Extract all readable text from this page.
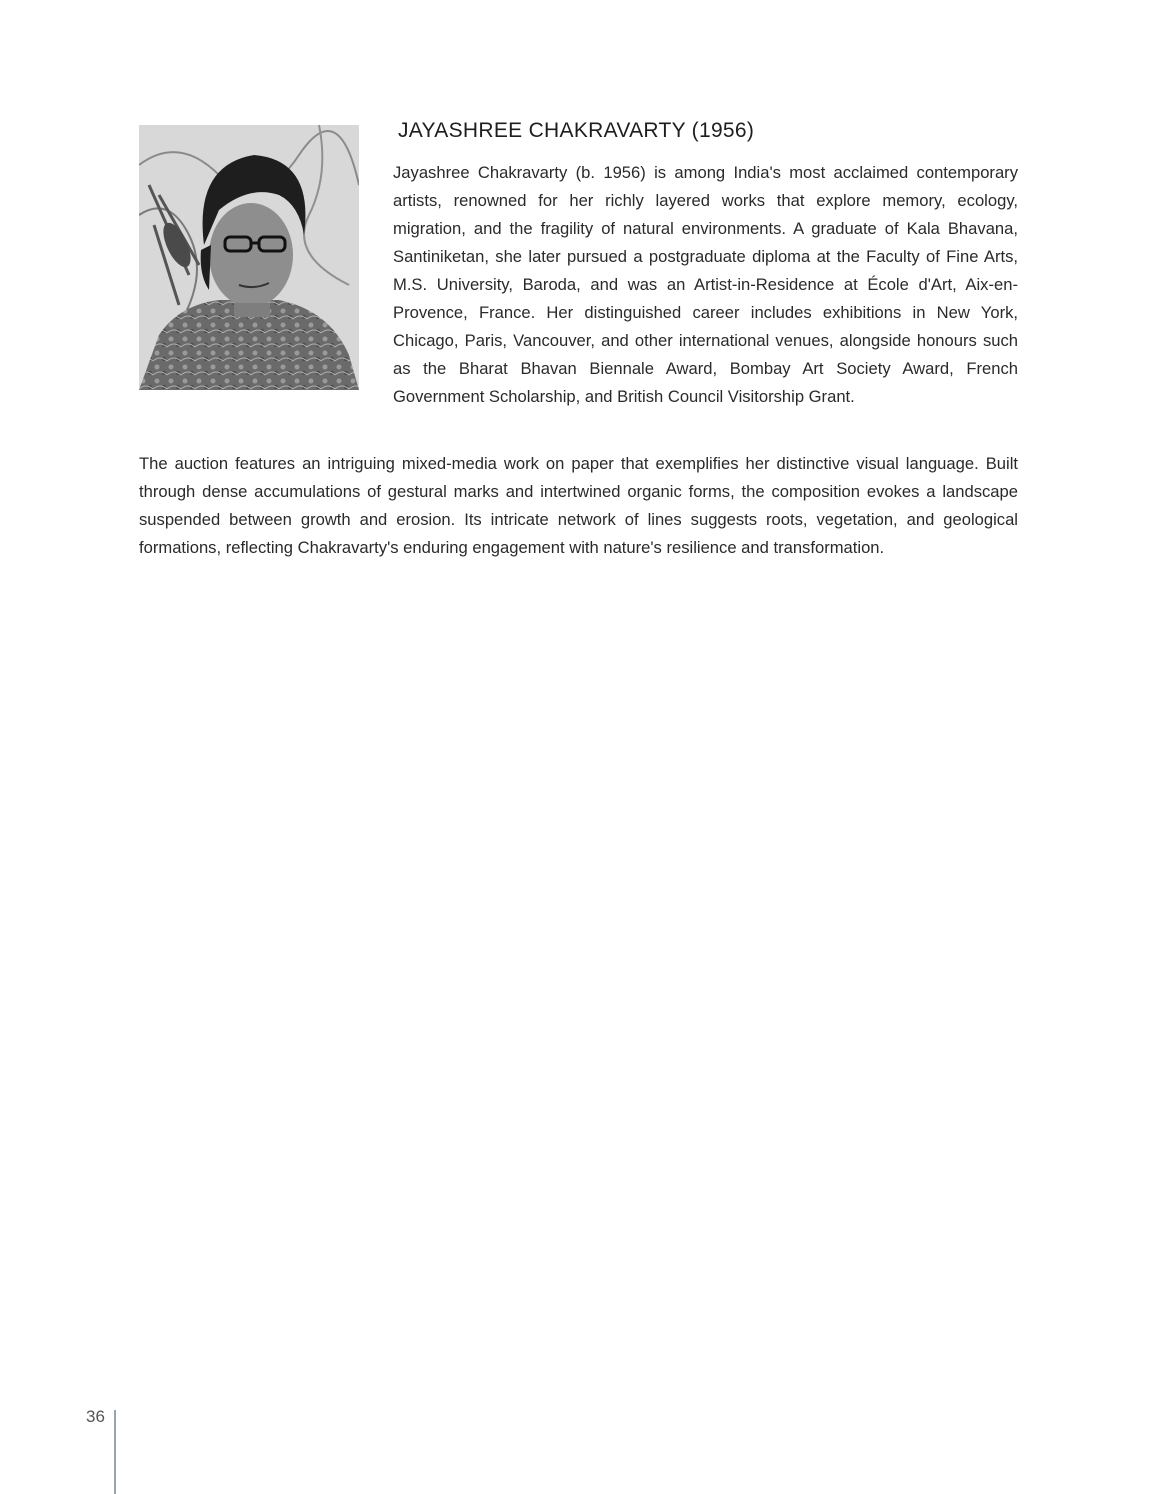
JAYASHREE CHAKRAVARTY (1956)

Jayashree Chakravarty (b. 1956) is among India's most acclaimed contemporary artists, renowned for her richly layered works that explore memory, ecology, migration, and the fragility of natural environments. A graduate of Kala Bhavana, Santiniketan, she later pursued a postgraduate diploma at the Faculty of Fine Arts, M.S. University, Baroda, and was an Artist-in-Residence at École d'Art, Aix-en-Provence, France. Her distinguished career includes exhibitions in New York, Chicago, Paris, Vancouver, and other international venues, alongside honours such as the Bharat Bhavan Biennale Award, Bombay Art Society Award, French Government Scholarship, and British Council Visitorship Grant.

The auction features an intriguing mixed-media work on paper that exemplifies her distinctive visual language. Built through dense accumulations of gestural marks and intertwined organic forms, the composition evokes a landscape suspended between growth and erosion. Its intricate network of lines suggests roots, vegetation, and geological formations, reflecting Chakravarty's enduring engagement with nature's resilience and transformation.

36
